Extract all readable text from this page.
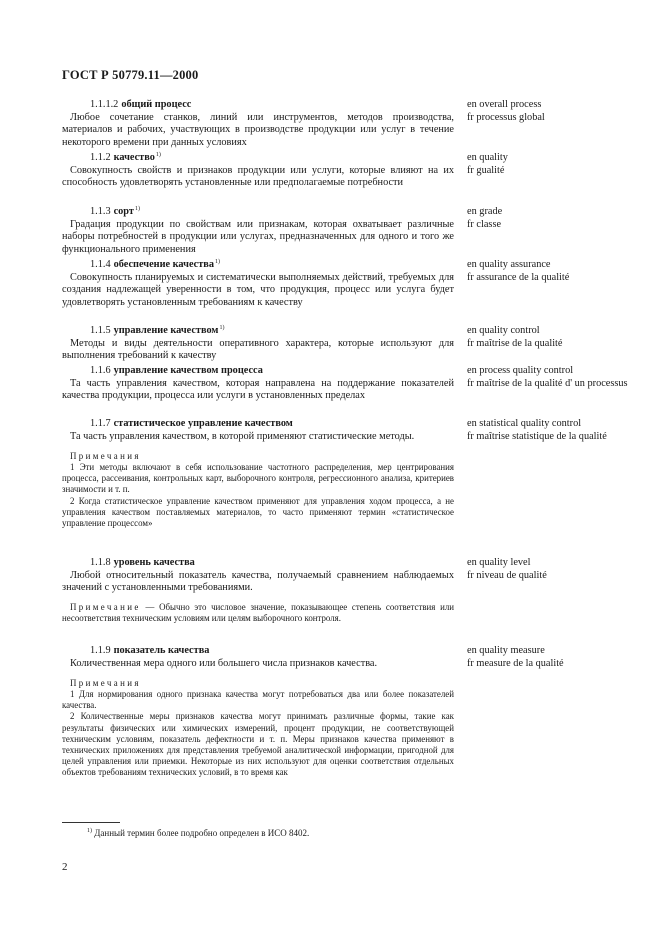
ГОСТ Р 50779.11—2000
1.1.1.2 общий процесс
Любое сочетание станков, линий или инструментов, методов производства, материалов и рабочих, участвующих в производстве продукции или услуг в течение некоторого времени при данных условиях
en overall process
fr processus global
1.1.2 качество$^{1)}$
Совокупность свойств и признаков продукции или услуги, которые влияют на их способность удовлетворять установленные или предполагаемые потребности
en quality
fr gualité
1.1.3 сорт$^{1)}$
Градация продукции по свойствам или признакам, которая охватывает различные наборы потребностей в продукции или услугах, предназначенных для одного и того же функционального применения
en grade
fr classe
1.1.4 обеспечение качества$^{1)}$
Совокупность планируемых и систематически выполняемых действий, требуемых для создания надлежащей уверенности в том, что продукция, процесс или услуга будет удовлетворять установленным требованиям к качеству
en quality assurance
fr assurance de la qualité
1.1.5 управление качеством$^{1)}$
Методы и виды деятельности оперативного характера, которые используют для выполнения требований к качеству
en quality control
fr maîtrise de la qualité
1.1.6 управление качеством процесса
Та часть управления качеством, которая направлена на поддержание показателей качества продукции, процесса или услуги в установленных пределах
en process quality control
fr maîtrise de la qualité d' un processus
1.1.7 статистическое управление качеством
Та часть управления качеством, в которой применяют статистические методы.
Примечания

1 Эти методы включают в себя использование частотного распределения, мер центрирования процесса, рассеивания, контрольных карт, выборочного контроля, регрессионного анализа, критериев значимости и т. п.

2 Когда статистическое управление качеством применяют для управления ходом процесса, а не управления качеством поставляемых материалов, то часто применяют термин «статистическое управление процессом»

en statistical quality control
fr maîtrise statistique de la qualité
1.1.8 уровень качества
Любой относительный показатель качества, получаемый сравнением наблюдаемых значений с установленными требованиями.
Примечание — Обычно это числовое значение, показывающее степень соответствия или несоответствия техническим условиям или целям выборочного контроля.
en quality level
fr niveau de qualité
1.1.9 показатель качества
Количественная мера одного или большего числа признаков качества.
Примечания

1 Для нормирования одного признака качества могут потребоваться два или более показателей качества.

2 Количественные меры признаков качества могут принимать различные формы, такие как результаты физических или химических измерений, процент продукции, не соответствующей техническим условиям, показатель дефектности и т. п. Меры признаков качества применяют в технических приложениях для представления требуемой аналитической информации, пригодной для целей управления или приемки. Некоторые из них используют для оценки соответствия отдельных объектов требованиям технических условий, в то время как

en quality measure
fr measure de la qualité
$^{1)}$ Данный термин более подробно определен в ИСО 8402.
2
